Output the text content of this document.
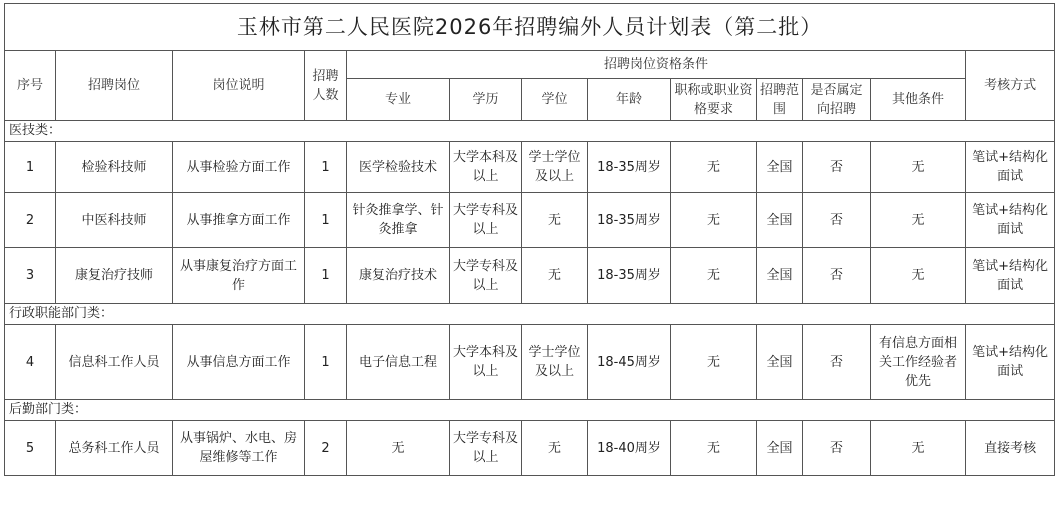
玉林市第二人民医院2026年招聘编外人员计划表（第二批）												
序号	招聘岗位	岗位说明	招聘人数	招聘岗位资格条件								考核方式
				专业	学历	学位	年龄	职称或职业资格要求	招聘范围	是否属定向招聘	其他条件	
医技类：												
1	检验科技师	从事检验方面工作	1	医学检验技术	大学本科及以上	学士学位及以上	18-35周岁	无	全国	否	无	笔试+结构化面试
2	中医科技师	从事推拿方面工作	1	针灸推拿学、针灸推拿	大学专科及以上	无	18-35周岁	无	全国	否	无	笔试+结构化面试
3	康复治疗技师	从事康复治疗方面工作	1	康复治疗技术	大学专科及以上	无	18-35周岁	无	全国	否	无	笔试+结构化面试
行政职能部门类：												
4	信息科工作人员	从事信息方面工作	1	电子信息工程	大学本科及以上	学士学位及以上	18-45周岁	无	全国	否	有信息方面相关工作经验者优先	笔试+结构化面试
后勤部门类：												
5	总务科工作人员	从事锅炉、水电、房屋维修等工作	2	无	大学专科及以上	无	18-40周岁	无	全国	否	无	直接考核
